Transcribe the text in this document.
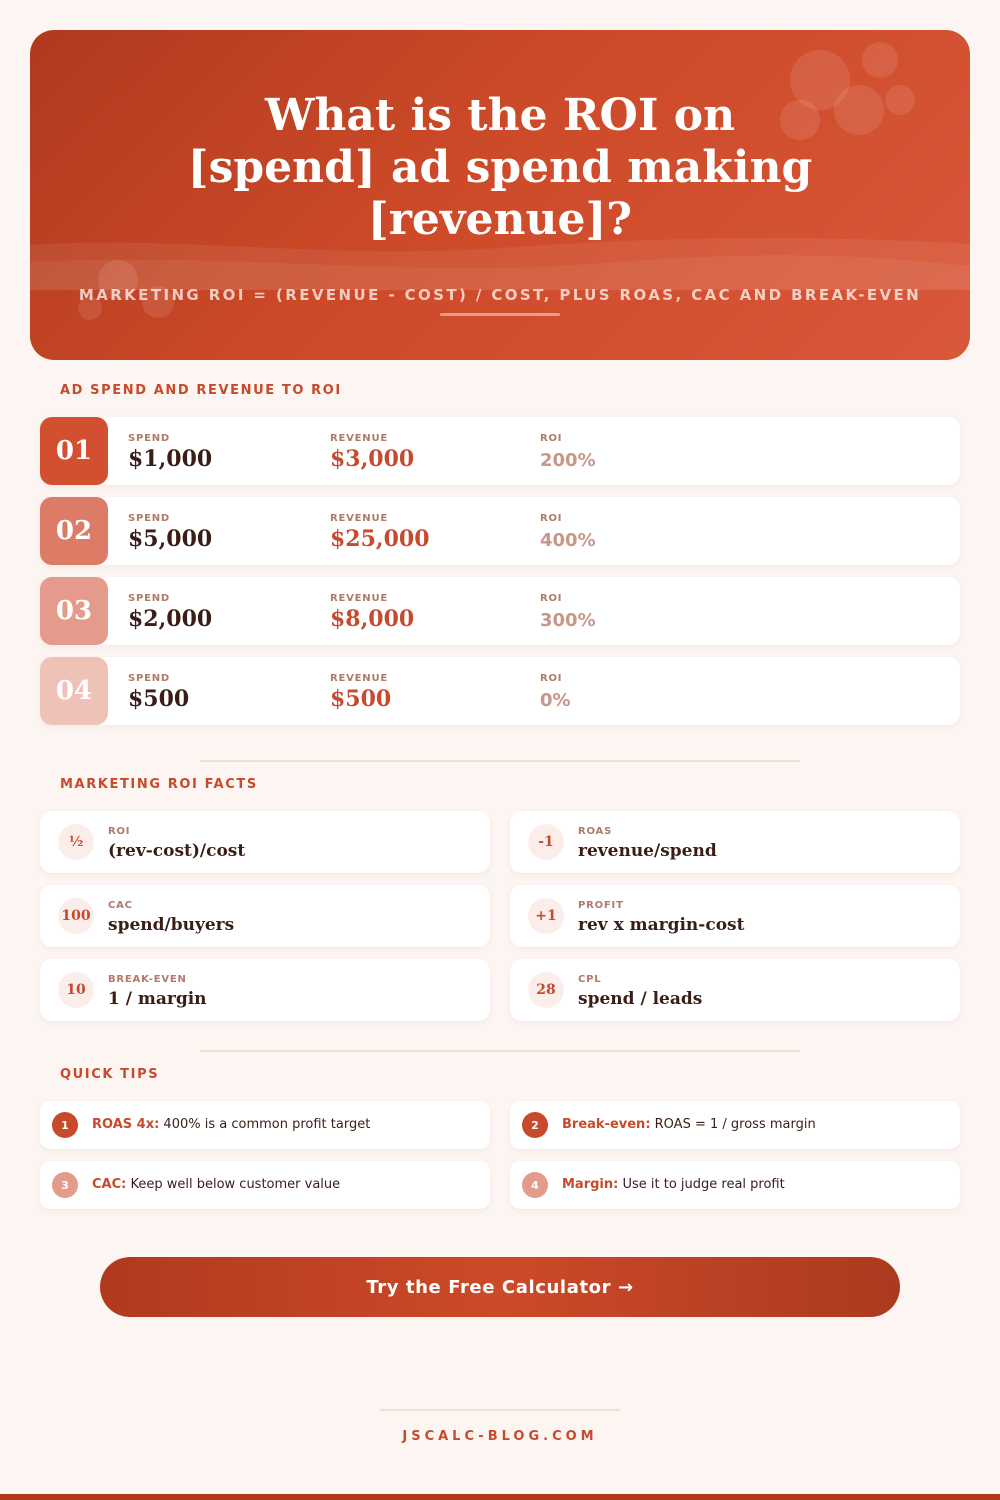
What is the ROI on
[spend] ad spend making
[revenue]?
MARKETING ROI = (REVENUE - COST) / COST, PLUS ROAS, CAC AND BREAK-EVEN
AD SPEND AND REVENUE TO ROI
01	SPEND
$1,000
REVENUE
$3,000
ROI
200%
02	SPEND
$5,000
REVENUE
$25,000
ROI
400%
03	SPEND
$2,000
REVENUE
$8,000
ROI
300%
04	SPEND
$500
REVENUE
$500
ROI
0%
MARKETING ROI FACTS
½
ROI
(rev-cost)/cost	-1
ROAS
revenue/spend
100
CAC
spend/buyers	+1
PROFIT
rev x margin-cost
10
BREAK-EVEN
1 / margin	28
CPL
spend / leads
QUICK TIPS
1	ROAS 4x: 400% is a common profit target	2	Break-even: ROAS = 1 / gross margin
3	CAC: Keep well below customer value	4	Margin: Use it to judge real profit
Try the Free Calculator →
JSCALC-BLOG.COM
